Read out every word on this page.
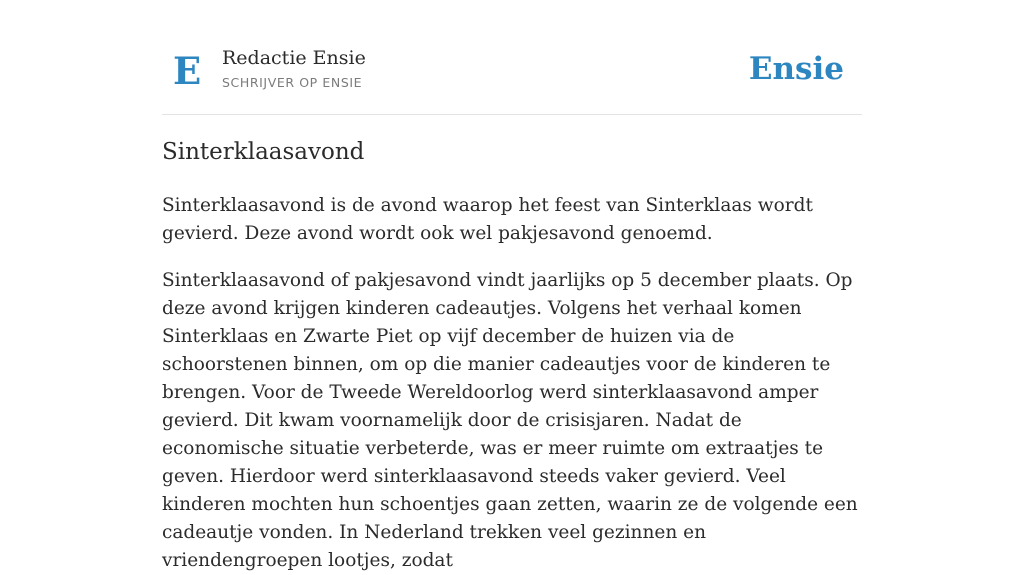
E Redactie Ensie
SCHRIJVER OP ENSIE	Ensie
Sinterklaasavond

Sinterklaasavond is de avond waarop het feest van Sinterklaas wordt gevierd. Deze avond wordt ook wel pakjesavond genoemd.

Sinterklaasavond of pakjesavond vindt jaarlijks op 5 december plaats. Op deze avond krijgen kinderen cadeautjes. Volgens het verhaal komen Sinterklaas en Zwarte Piet op vijf december de huizen via de schoorstenen binnen, om op die manier cadeautjes voor de kinderen te brengen. Voor de Tweede Wereldoorlog werd sinterklaasavond amper gevierd. Dit kwam voornamelijk door de crisisjaren. Nadat de economische situatie verbeterde, was er meer ruimte om extraatjes te geven. Hierdoor werd sinterklaasavond steeds vaker gevierd. Veel kinderen mochten hun schoentjes gaan zetten, waarin ze de volgende een cadeautje vonden. In Nederland trekken veel gezinnen en vriendengroepen lootjes, zodat
